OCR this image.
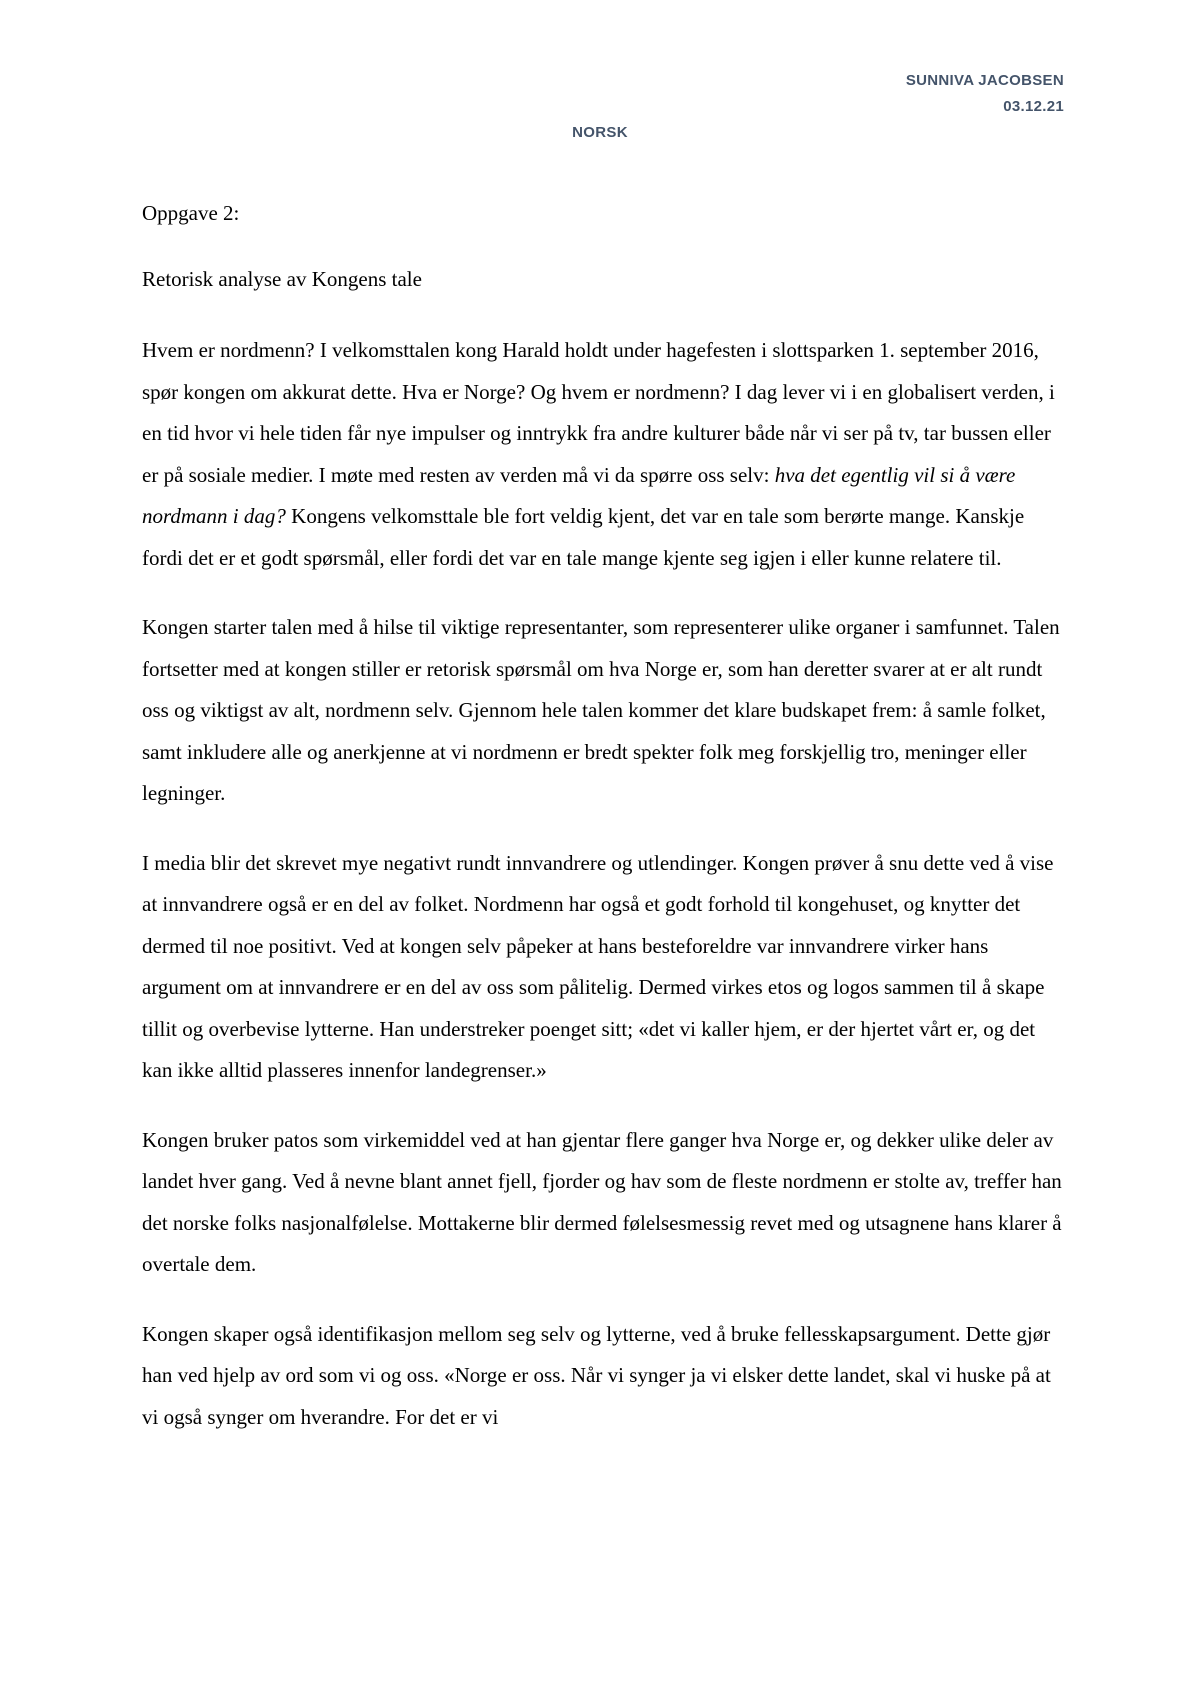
SUNNIVA JACOBSEN
03.12.21
NORSK

Oppgave 2:

Retorisk analyse av Kongens tale

Hvem er nordmenn? I velkomsttalen kong Harald holdt under hagefesten i slottsparken 1. september 2016, spør kongen om akkurat dette. Hva er Norge? Og hvem er nordmenn? I dag lever vi i en globalisert verden, i en tid hvor vi hele tiden får nye impulser og inntrykk fra andre kulturer både når vi ser på tv, tar bussen eller er på sosiale medier. I møte med resten av verden må vi da spørre oss selv: hva det egentlig vil si å være nordmann i dag? Kongens velkomsttale ble fort veldig kjent, det var en tale som berørte mange. Kanskje fordi det er et godt spørsmål, eller fordi det var en tale mange kjente seg igjen i eller kunne relatere til.

Kongen starter talen med å hilse til viktige representanter, som representerer ulike organer i samfunnet. Talen fortsetter med at kongen stiller er retorisk spørsmål om hva Norge er, som han deretter svarer at er alt rundt oss og viktigst av alt, nordmenn selv. Gjennom hele talen kommer det klare budskapet frem: å samle folket, samt inkludere alle og anerkjenne at vi nordmenn er bredt spekter folk meg forskjellig tro, meninger eller legninger.

I media blir det skrevet mye negativt rundt innvandrere og utlendinger. Kongen prøver å snu dette ved å vise at innvandrere også er en del av folket. Nordmenn har også et godt forhold til kongehuset, og knytter det dermed til noe positivt. Ved at kongen selv påpeker at hans besteforeldre var innvandrere virker hans argument om at innvandrere er en del av oss som pålitelig. Dermed virkes etos og logos sammen til å skape tillit og overbevise lytterne. Han understreker poenget sitt; «det vi kaller hjem, er der hjertet vårt er, og det kan ikke alltid plasseres innenfor landegrenser.»

Kongen bruker patos som virkemiddel ved at han gjentar flere ganger hva Norge er, og dekker ulike deler av landet hver gang. Ved å nevne blant annet fjell, fjorder og hav som de fleste nordmenn er stolte av, treffer han det norske folks nasjonalfølelse. Mottakerne blir dermed følelsesmessig revet med og utsagnene hans klarer å overtale dem.

Kongen skaper også identifikasjon mellom seg selv og lytterne, ved å bruke fellesskapsargument. Dette gjør han ved hjelp av ord som vi og oss. «Norge er oss. Når vi synger ja vi elsker dette landet, skal vi huske på at vi også synger om hverandre. For det er vi
